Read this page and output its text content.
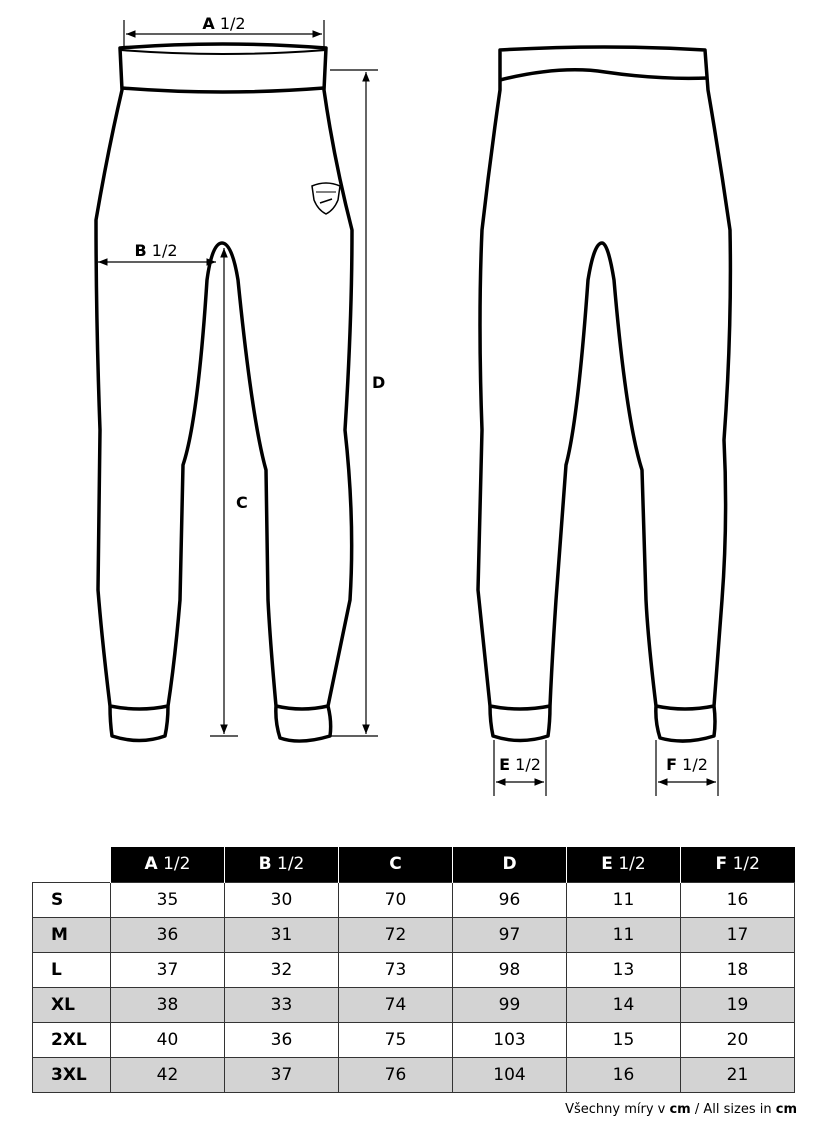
A 1/2
B 1/2
C
D
E 1/2	F 1/2
	A 1/2	B 1/2	C	D	E 1/2	F 1/2
S	35	30	70	96	11	16
M	36	31	72	97	11	17
L	37	32	73	98	13	18
XL	38	33	74	99	14	19
2XL	40	36	75	103	15	20
3XL	42	37	76	104	16	21
Všechny míry v cm / All sizes in cm
